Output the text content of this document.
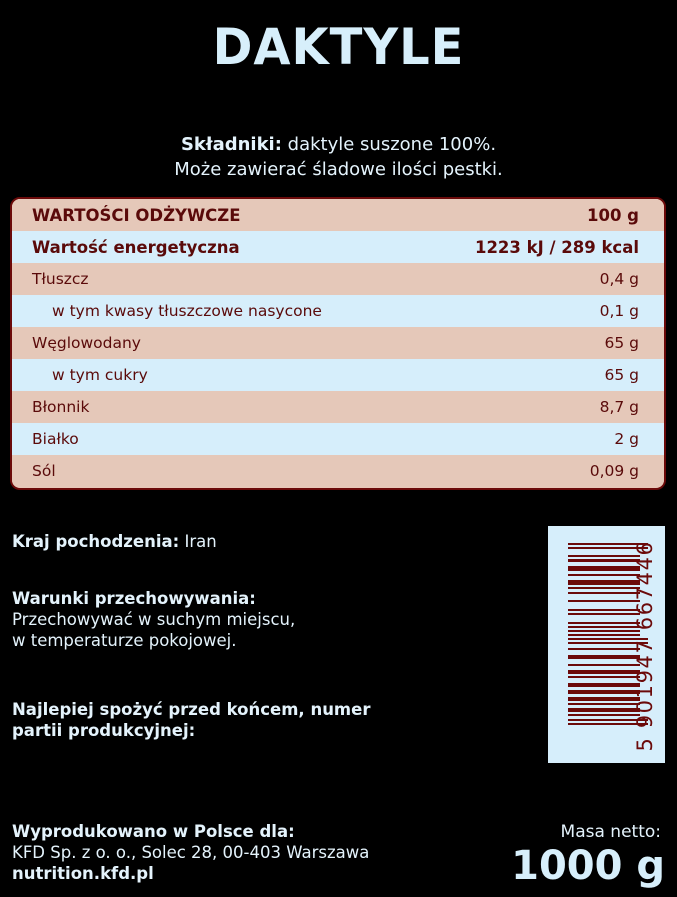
DAKTYLE
Składniki: daktyle suszone 100%.
Może zawierać śladowe ilości pestki.
WARTOŚCI ODŻYWCZE	100 g
Wartość energetyczna	1223 kJ / 289 kcal
Tłuszcz	0,4 g
w tym kwasy tłuszczowe nasycone	0,1 g
Węglowodany	65 g
w tym cukry	65 g
Błonnik	8,7 g
Białko	2 g
Sól	0,09 g
Kraj pochodzenia: Iran
Warunki przechowywania:
Przechowywać w suchym miejscu,
w temperaturze pokojowej.
Najlepiej spożyć przed końcem, numer
partii produkcyjnej:
Wyprodukowano w Polsce dla:
KFD Sp. z o. o., Solec 28, 00-403 Warszawa
nutrition.kfd.pl
5 901947 667446
Masa netto:
1000 g
